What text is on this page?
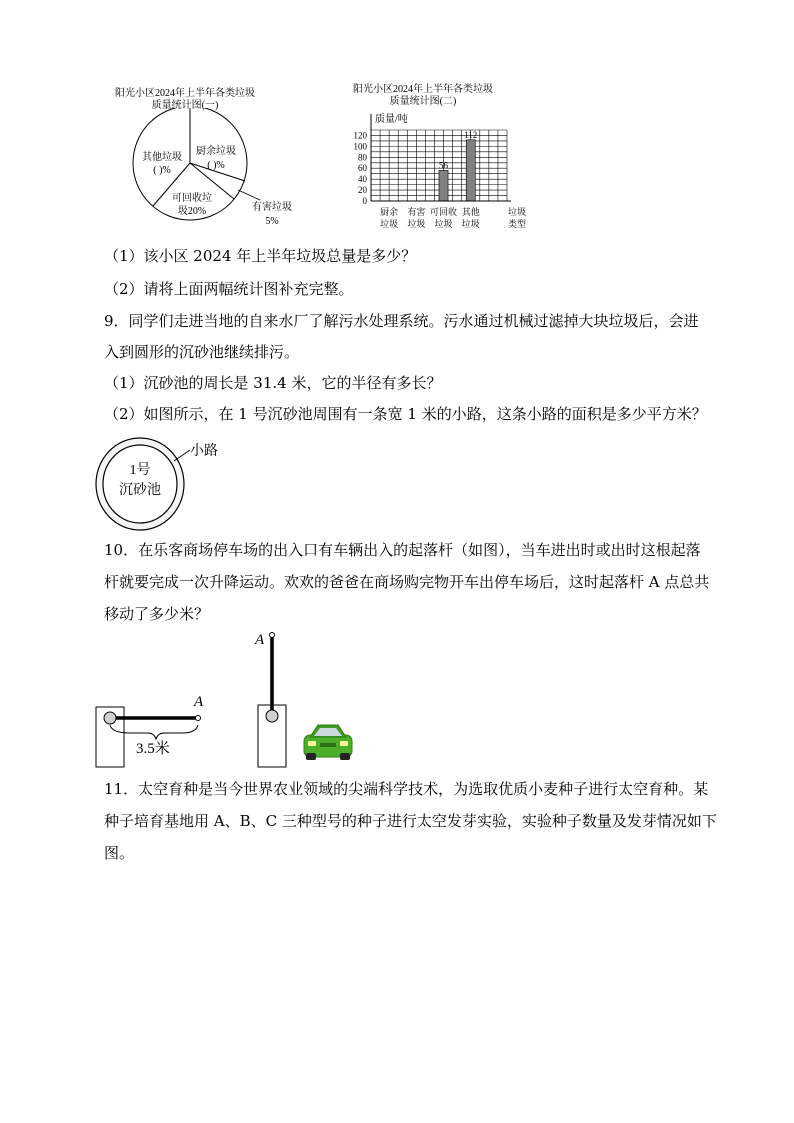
阳光小区2024年上半年各类垃圾
质量统计图(一)
厨余垃圾
( )%
其他垃圾
( )%
可回收垃
圾20%	有害垃圾
5%
阳光小区2024年上半年各类垃圾
质量统计图(二)
质量/吨
0
20
40
60
80
100
120
56
112
厨余
垃圾
有害
垃圾
可回收
垃圾
其他
垃圾
垃圾
类型
（1）该小区 2024 年上半年垃圾总量是多少？
（2）请将上面两幅统计图补充完整。
9．同学们走进当地的自来水厂了解污水处理系统。污水通过机械过滤掉大块垃圾后，会进
入到圆形的沉砂池继续排污。
（1）沉砂池的周长是 31.4 米，它的半径有多长？
（2）如图所示，在 1 号沉砂池周围有一条宽 1 米的小路，这条小路的面积是多少平方米？
小路
1号
沉砂池
10．在乐客商场停车场的出入口有车辆出入的起落杆（如图），当车进出时或出时这根起落
杆就要完成一次升降运动。欢欢的爸爸在商场购完物开车出停车场后，这时起落杆 A 点总共
移动了多少米？
A
3.5米
A
11．太空育种是当今世界农业领域的尖端科学技术，为选取优质小麦种子进行太空育种。某
种子培育基地用 A、B、C 三种型号的种子进行太空发芽实验，实验种子数量及发芽情况如下
图。
